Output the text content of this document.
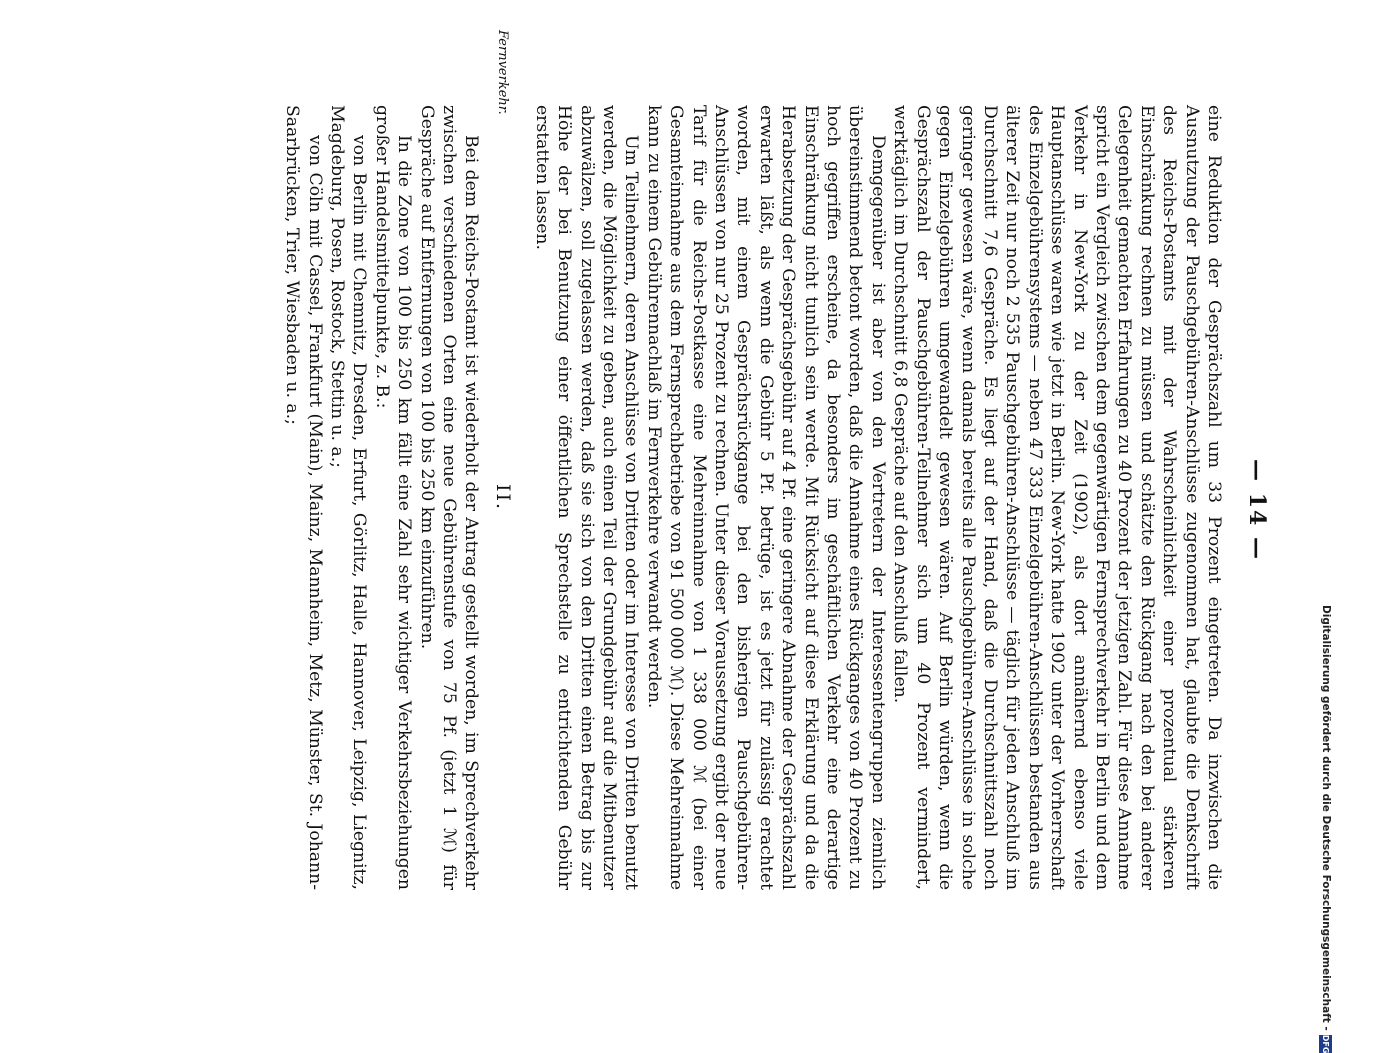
— 14 —
Fernverkehr.

eine Reduktion der Gesprächszahl um 33 Prozent eingetreten. Da inzwischen die Ausnutzung der Pauschgebühren-Anschlüsse zugenommen hat, glaubte die Denkschrift des Reichs-Postamts mit der Wahrscheinlichkeit einer prozentual stärkeren Einschränkung rechnen zu müssen und schätzte den Rückgang nach den bei anderer Gelegenheit gemachten Erfahrungen zu 40 Prozent der jetzigen Zahl. Für diese Annahme spricht ein Vergleich zwischen dem gegenwärtigen Fernsprechverkehr in Berlin und dem Verkehr in New-York zu der Zeit (1902), als dort annähernd ebenso viele Hauptanschlüsse waren wie jetzt in Berlin. New-York hatte 1902 unter der Vorherrschaft des Einzelgebührensystems — neben 47 333 Einzelgebühren-Anschlüssen bestanden aus älterer Zeit nur noch 2 535 Pauschgebühren-Anschlüsse — täglich für jeden Anschluß im Durchschnitt 7,6 Gespräche. Es liegt auf der Hand, daß die Durchschnittszahl noch geringer gewesen wäre, wenn damals bereits alle Pauschgebühren-Anschlüsse in solche gegen Einzelgebühren umgewandelt gewesen wären. Auf Berlin würden, wenn die Gesprächszahl der Pauschgebühren-Teilnehmer sich um 40 Prozent vermindert, werktäglich im Durchschnitt 6,8 Gespräche auf den Anschluß fallen.

Demgegenüber ist aber von den Vertretern der Interessentengruppen ziemlich übereinstimmend betont worden, daß die Annahme eines Rückganges von 40 Prozent zu hoch gegriffen erscheine, da besonders im geschäftlichen Verkehr eine derartige Einschränkung nicht tunlich sein werde. Mit Rücksicht auf diese Erklärung und da die Herabsetzung der Gesprächsgebühr auf 4 Pf. eine geringere Abnahme der Gesprächszahl erwarten läßt, als wenn die Gebühr 5 Pf. betrüge, ist es jetzt für zulässig erachtet worden, mit einem Gesprächsrückgange bei den bisherigen Pauschgebühren-Anschlüssen von nur 25 Prozent zu rechnen. Unter dieser Voraussetzung ergibt der neue Tarif für die Reichs-Postkasse eine Mehreinnahme von 1 338 000 ℳ (bei einer Gesamteinnahme aus dem Fernsprechbetriebe von 91 500 000 ℳ). Diese Mehreinnahme kann zu einem Gebührennachlaß im Fernverkehre verwandt werden.

Um Teilnehmern, deren Anschlüsse von Dritten oder im Interesse von Dritten benutzt werden, die Möglichkeit zu geben, auch einen Teil der Grundgebühr auf die Mitbenutzer abzuwälzen, soll zugelassen werden, daß sie sich von den Dritten einen Betrag bis zur Höhe der bei Benutzung einer öffentlichen Sprechstelle zu entrichtenden Gebühr erstatten lassen.

II.

Bei dem Reichs-Postamt ist wiederholt der Antrag gestellt worden, im Sprechverkehr zwischen verschiedenen Orten eine neue Gebührenstufe von 75 Pf. (jetzt 1 ℳ) für Gespräche auf Entfernungen von 100 bis 250 km einzuführen.

In die Zone von 100 bis 250 km fällt eine Zahl sehr wichtiger Verkehrsbeziehungen großer Handelsmittelpunkte, z. B.:

von Berlin mit Chemnitz, Dresden, Erfurt, Görlitz, Halle, Hannover, Leipzig, Liegnitz, Magdeburg, Posen, Rostock, Stettin u. a.;

von Cöln mit Cassel, Frankfurt (Main), Mainz, Mannheim, Metz, Münster, St. Johann-Saarbrücken, Trier, Wiesbaden u. a.;

Digitalisierung gefördert durch die Deutsche Forschungsgemeinschaft -
DFG
